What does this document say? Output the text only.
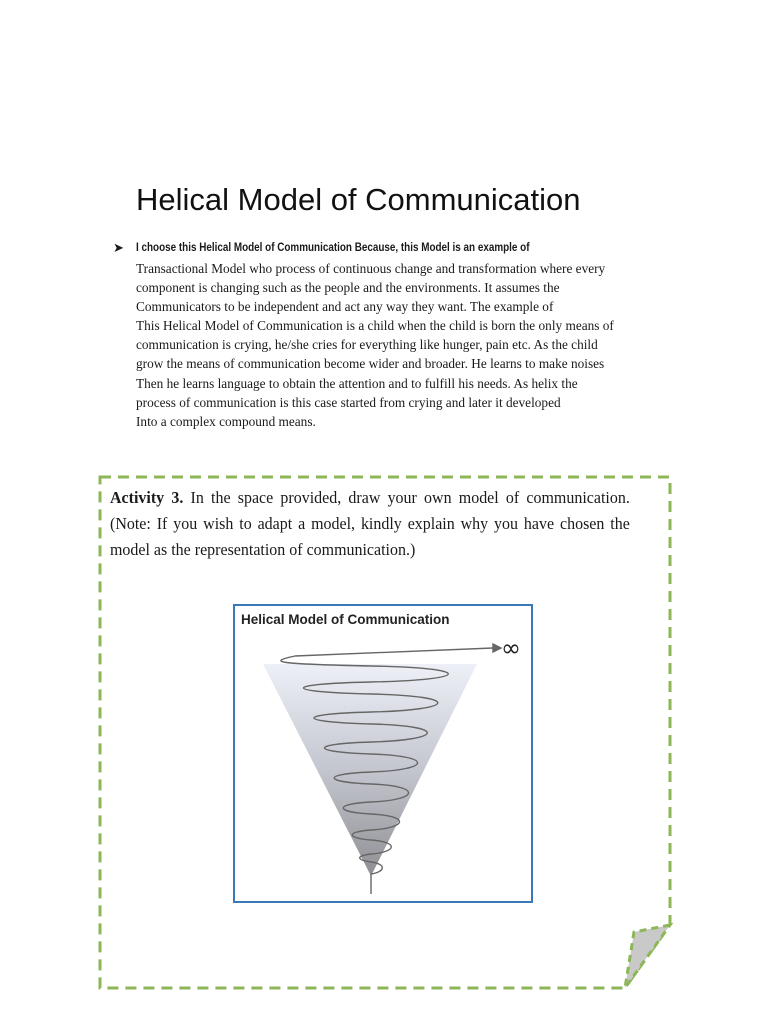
Helical Model of Communication
➤ I choose this Helical Model of Communication Because, this Model is an example of
Transactional Model who process of continuous change and transformation where every
component is changing such as the people and the environments. It assumes the
Communicators to be independent and act any way they want. The example of
This Helical Model of Communication is a child when the child is born the only means of
communication is crying, he/she cries for everything like hunger, pain etc. As the child
grow the means of communication become wider and broader. He learns to make noises
Then he learns language to obtain the attention and to fulfill his needs. As helix the
process of communication is this case started from crying and later it developed
Into a complex compound means.
Activity 3. In the space provided, draw your own model of communication. (Note: If you wish to adapt a model, kindly explain why you have chosen the model as the representation of communication.)

Helical Model of Communication

∞
